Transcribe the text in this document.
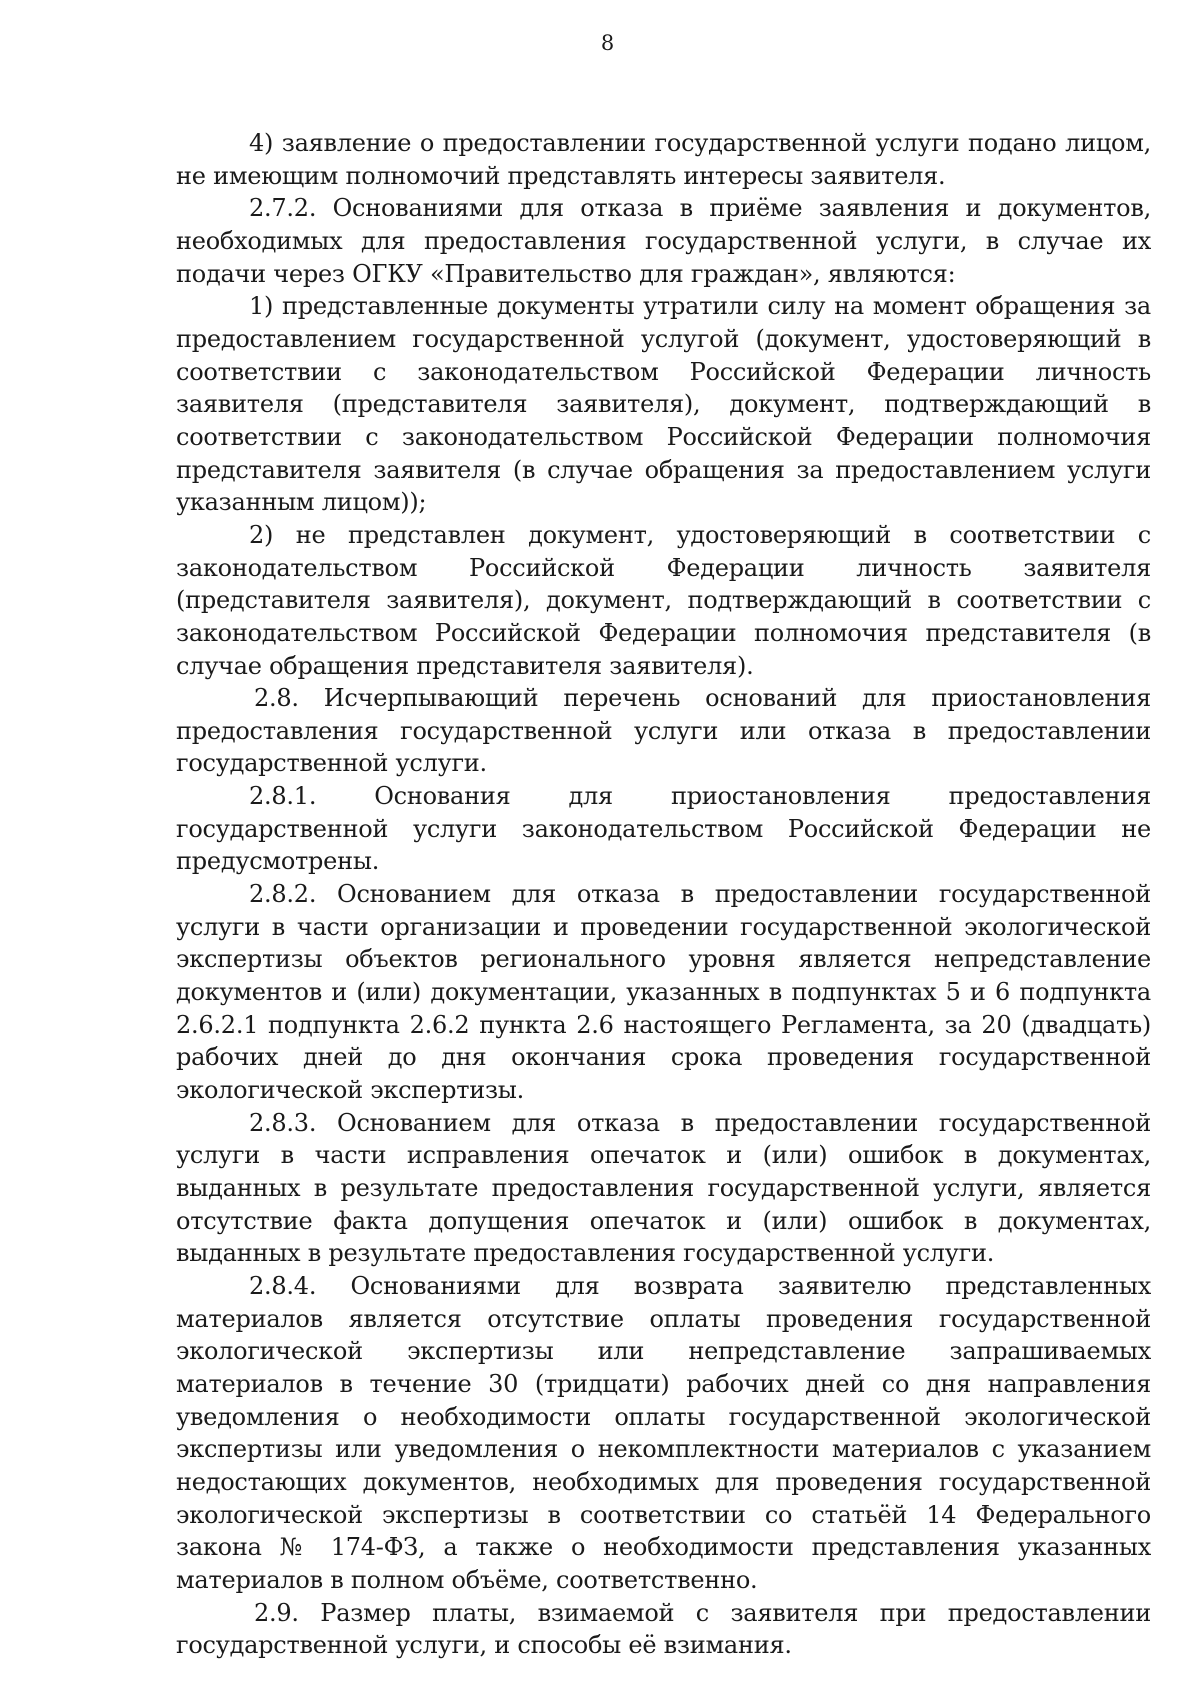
8

4) заявление о предоставлении государственной услуги подано лицом, не имеющим полномочий представлять интересы заявителя.

2.7.2. Основаниями для отказа в приёме заявления и документов, необходимых для предоставления государственной услуги, в случае их подачи через ОГКУ «Правительство для граждан», являются:

1) представленные документы утратили силу на момент обращения за предоставлением государственной услугой (документ, удостоверяющий в соответствии с законодательством Российской Федерации личность заявителя (представителя заявителя), документ, подтверждающий в соответствии с законодательством Российской Федерации полномочия представителя заявителя (в случае обращения за предоставлением услуги указанным лицом));

2) не представлен документ, удостоверяющий в соответствии с законодательством Российской Федерации личность заявителя (представителя заявителя), документ, подтверждающий в соответствии с законодательством Российской Федерации полномочия представителя (в случае обращения представителя заявителя).

2.8. Исчерпывающий перечень оснований для приостановления предоставления государственной услуги или отказа в предоставлении государственной услуги.

2.8.1. Основания для приостановления предоставления государственной услуги законодательством Российской Федерации не предусмотрены.

2.8.2. Основанием для отказа в предоставлении государственной услуги в части организации и проведении государственной экологической экспертизы объектов регионального уровня является непредставление документов и (или) документации, указанных в подпунктах 5 и 6 подпункта 2.6.2.1 подпункта 2.6.2 пункта 2.6 настоящего Регламента, за 20 (двадцать) рабочих дней до дня окончания срока проведения государственной экологической экспертизы.

2.8.3. Основанием для отказа в предоставлении государственной услуги в части исправления опечаток и (или) ошибок в документах, выданных в результате предоставления государственной услуги, является отсутствие факта допущения опечаток и (или) ошибок в документах, выданных в результате предоставления государственной услуги.

2.8.4. Основаниями для возврата заявителю представленных материалов является отсутствие оплаты проведения государственной экологической экспертизы или непредставление запрашиваемых материалов в течение 30 (тридцати) рабочих дней со дня направления уведомления о необходимости оплаты государственной экологической экспертизы или уведомления о некомплектности материалов с указанием недостающих документов, необходимых для проведения государственной экологической экспертизы в соответствии со статьёй 14 Федерального закона № 174-ФЗ, а также о необходимости представления указанных материалов в полном объёме, соответственно.

2.9. Размер платы, взимаемой с заявителя при предоставлении государственной услуги, и способы её взимания.
